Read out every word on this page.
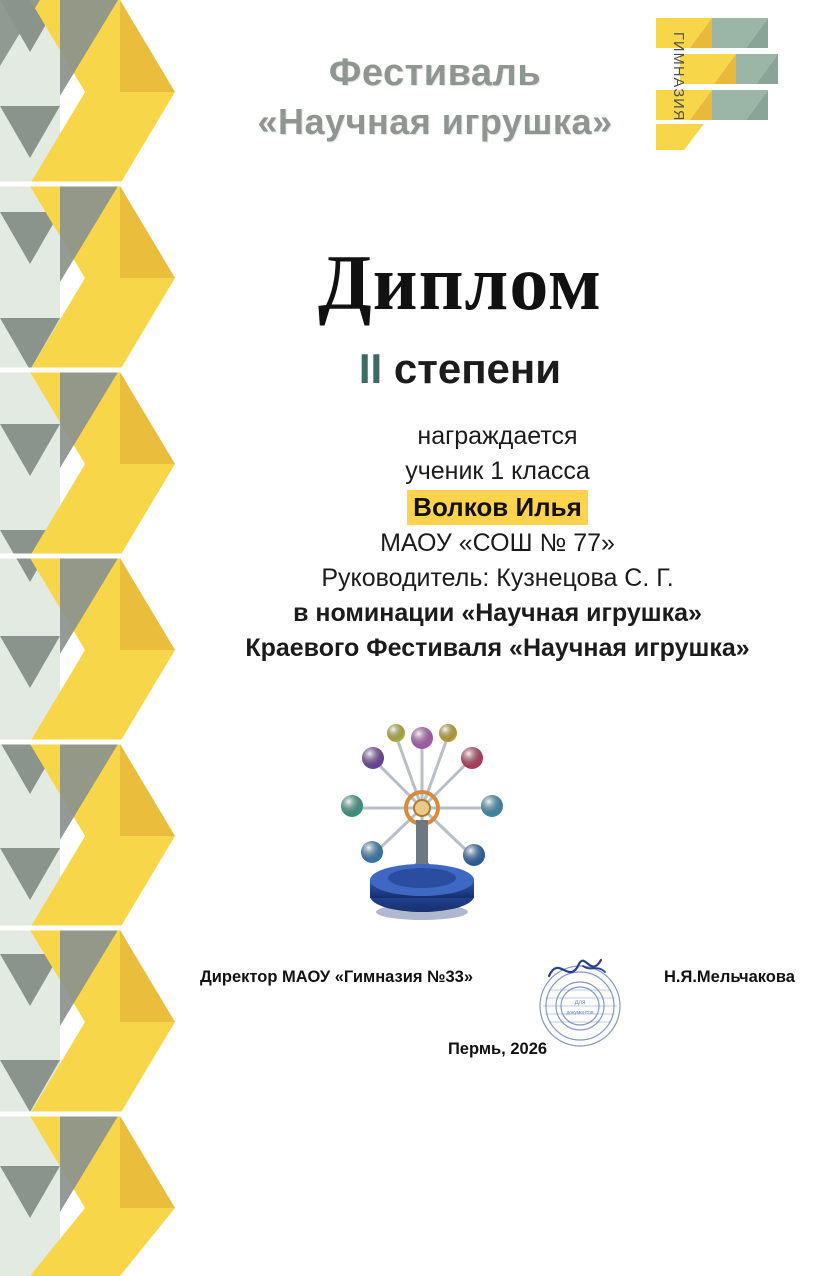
ГИМНАЗИЯ
Фестиваль
«Научная игрушка»
Диплом
II степени

награждается

ученик 1 класса

Волков Илья

МАОУ «СОШ № 77»

Руководитель: Кузнецова С. Г.

в номинации «Научная игрушка»

Краевого Фестиваля «Научная игрушка»

Директор МАОУ «Гимназия №33»
Для
документов
Н.Я.Мельчакова
Пермь, 2026
